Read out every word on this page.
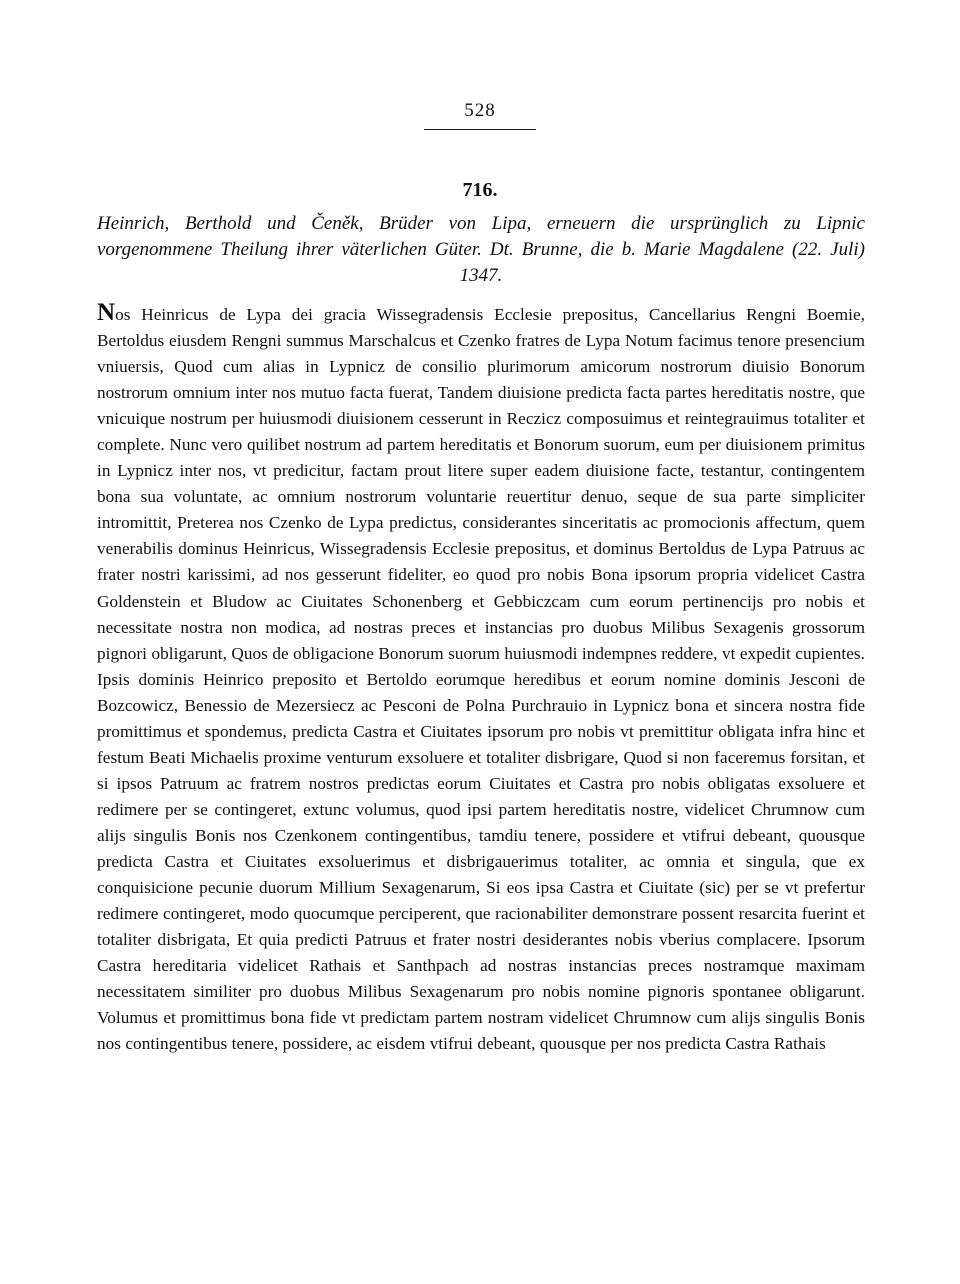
528
716.

Heinrich, Berthold und Čeněk, Brüder von Lipa, erneuern die ursprünglich zu Lipnic vorgenommene Theilung ihrer väterlichen Güter. Dt. Brunne, die b. Marie Magdalene (22. Juli) 1347.

Nos Heinricus de Lypa dei gracia Wissegradensis Ecclesie prepositus, Cancellarius Rengni Boemie, Bertoldus eiusdem Rengni summus Marschalcus et Czenko fratres de Lypa Notum facimus tenore presencium vniuersis, Quod cum alias in Lypnicz de consilio plurimorum amicorum nostrorum diuisio Bonorum nostrorum omnium inter nos mutuo facta fuerat, Tandem diuisione predicta facta partes hereditatis nostre, que vnicuique nostrum per huiusmodi diuisionem cesserunt in Reczicz composuimus et reintegrauimus totaliter et complete. Nunc vero quilibet nostrum ad partem hereditatis et Bonorum suorum, eum per diuisionem primitus in Lypnicz inter nos, vt predicitur, factam prout litere super eadem diuisione facte, testantur, contingentem bona sua voluntate, ac omnium nostrorum voluntarie reuertitur denuo, seque de sua parte simpliciter intromittit, Preterea nos Czenko de Lypa predictus, considerantes sinceritatis ac promocionis affectum, quem venerabilis dominus Heinricus, Wissegradensis Ecclesie prepositus, et dominus Bertoldus de Lypa Patruus ac frater nostri karissimi, ad nos gesserunt fideliter, eo quod pro nobis Bona ipsorum propria videlicet Castra Goldenstein et Bludow ac Ciuitates Schonenberg et Gebbiczcam cum eorum pertinencijs pro nobis et necessitate nostra non modica, ad nostras preces et instancias pro duobus Milibus Sexagenis grossorum pignori obligarunt, Quos de obligacione Bonorum suorum huiusmodi indempnes reddere, vt expedit cupientes. Ipsis dominis Heinrico preposito et Bertoldo eorumque heredibus et eorum nomine dominis Jesconi de Bozcowicz, Benessio de Mezersiecz ac Pesconi de Polna Purchrauio in Lypnicz bona et sincera nostra fide promittimus et spondemus, predicta Castra et Ciuitates ipsorum pro nobis vt premittitur obligata infra hinc et festum Beati Michaelis proxime venturum exsoluere et totaliter disbrigare, Quod si non faceremus forsitan, et si ipsos Patruum ac fratrem nostros predictas eorum Ciuitates et Castra pro nobis obligatas exsoluere et redimere per se contingeret, extunc volumus, quod ipsi partem hereditatis nostre, videlicet Chrumnow cum alijs singulis Bonis nos Czenkonem contingentibus, tamdiu tenere, possidere et vtifrui debeant, quousque predicta Castra et Ciuitates exsoluerimus et disbrigauerimus totaliter, ac omnia et singula, que ex conquisicione pecunie duorum Millium Sexagenarum, Si eos ipsa Castra et Ciuitate (sic) per se vt prefertur redimere contingeret, modo quocumque perciperent, que racionabiliter demonstrare possent resarcita fuerint et totaliter disbrigata, Et quia predicti Patruus et frater nostri desiderantes nobis vberius complacere. Ipsorum Castra hereditaria videlicet Rathais et Santhpach ad nostras instancias preces nostramque maximam necessitatem similiter pro duobus Milibus Sexagenarum pro nobis nomine pignoris spontanee obligarunt. Volumus et promittimus bona fide vt predictam partem nostram videlicet Chrumnow cum alijs singulis Bonis nos contingentibus tenere, possidere, ac eisdem vtifrui debeant, quousque per nos predicta Castra Rathais
